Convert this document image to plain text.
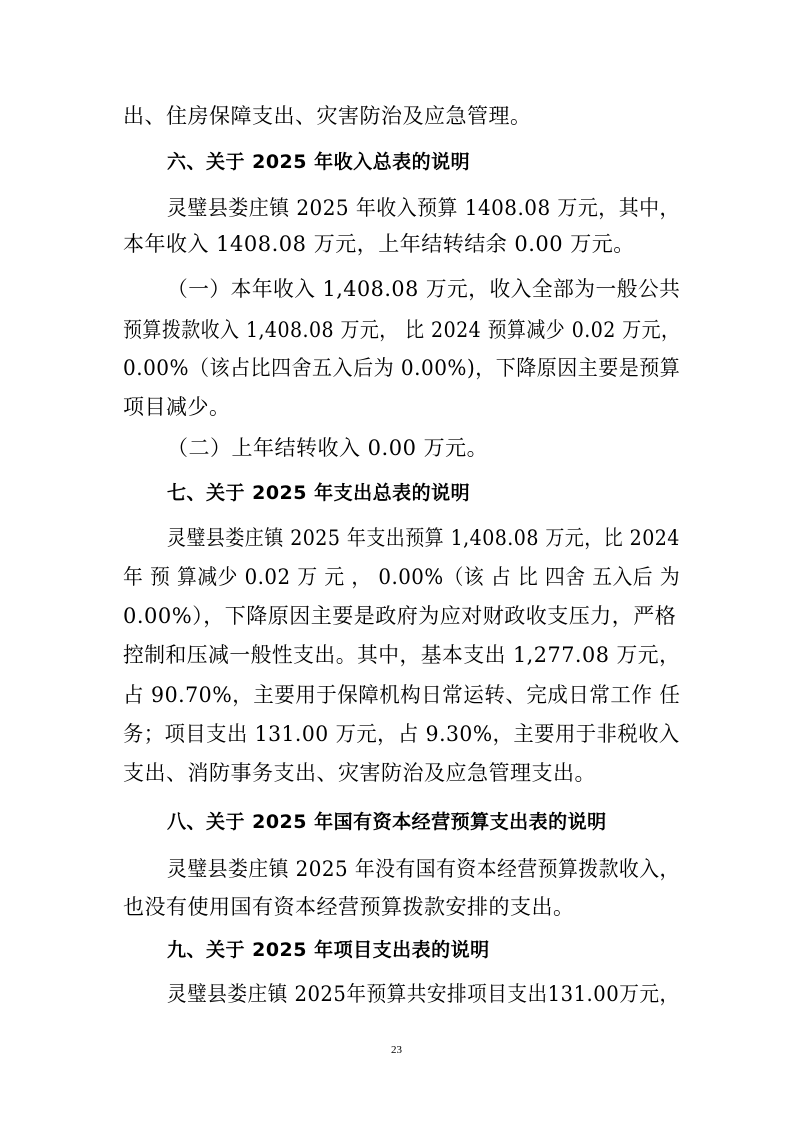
出、住房保障支出、灾害防治及应急管理。
六、关于 2025 年收入总表的说明
灵璧县娄庄镇 2025 年收入预算 1408.08 万元，其中，
本年收入 1408.08 万元，上年结转结余 0.00 万元。
（一）本年收入 1,408.08 万元，收入全部为一般公共
预算拨款收入 1,408.08 万元， 比 2024 预算减少 0.02 万元，
0.00%（该占比四舍五入后为 0.00%)，下降原因主要是预算
项目减少。
（二）上年结转收入 0.00 万元。
七、关于 2025 年支出总表的说明
灵璧县娄庄镇 2025 年支出预算 1,408.08 万元，比 2024
年 预 算减少 0.02 万 元 ， 0.00%（该 占 比 四舍 五入后 为
0.00%），下降原因主要是政府为应对财政收支压力，严格
控制和压减一般性支出。其中，基本支出 1,277.08 万元，
占 90.70%，主要用于保障机构日常运转、完成日常工作 任
务；项目支出 131.00 万元，占 9.30%，主要用于非税收入
支出、消防事务支出、灾害防治及应急管理支出。
八、关于 2025 年国有资本经营预算支出表的说明
灵璧县娄庄镇 2025 年没有国有资本经营预算拨款收入，
也没有使用国有资本经营预算拨款安排的支出。
九、关于 2025 年项目支出表的说明
灵璧县娄庄镇 2025年预算共安排项目支出131.00万元，
23
